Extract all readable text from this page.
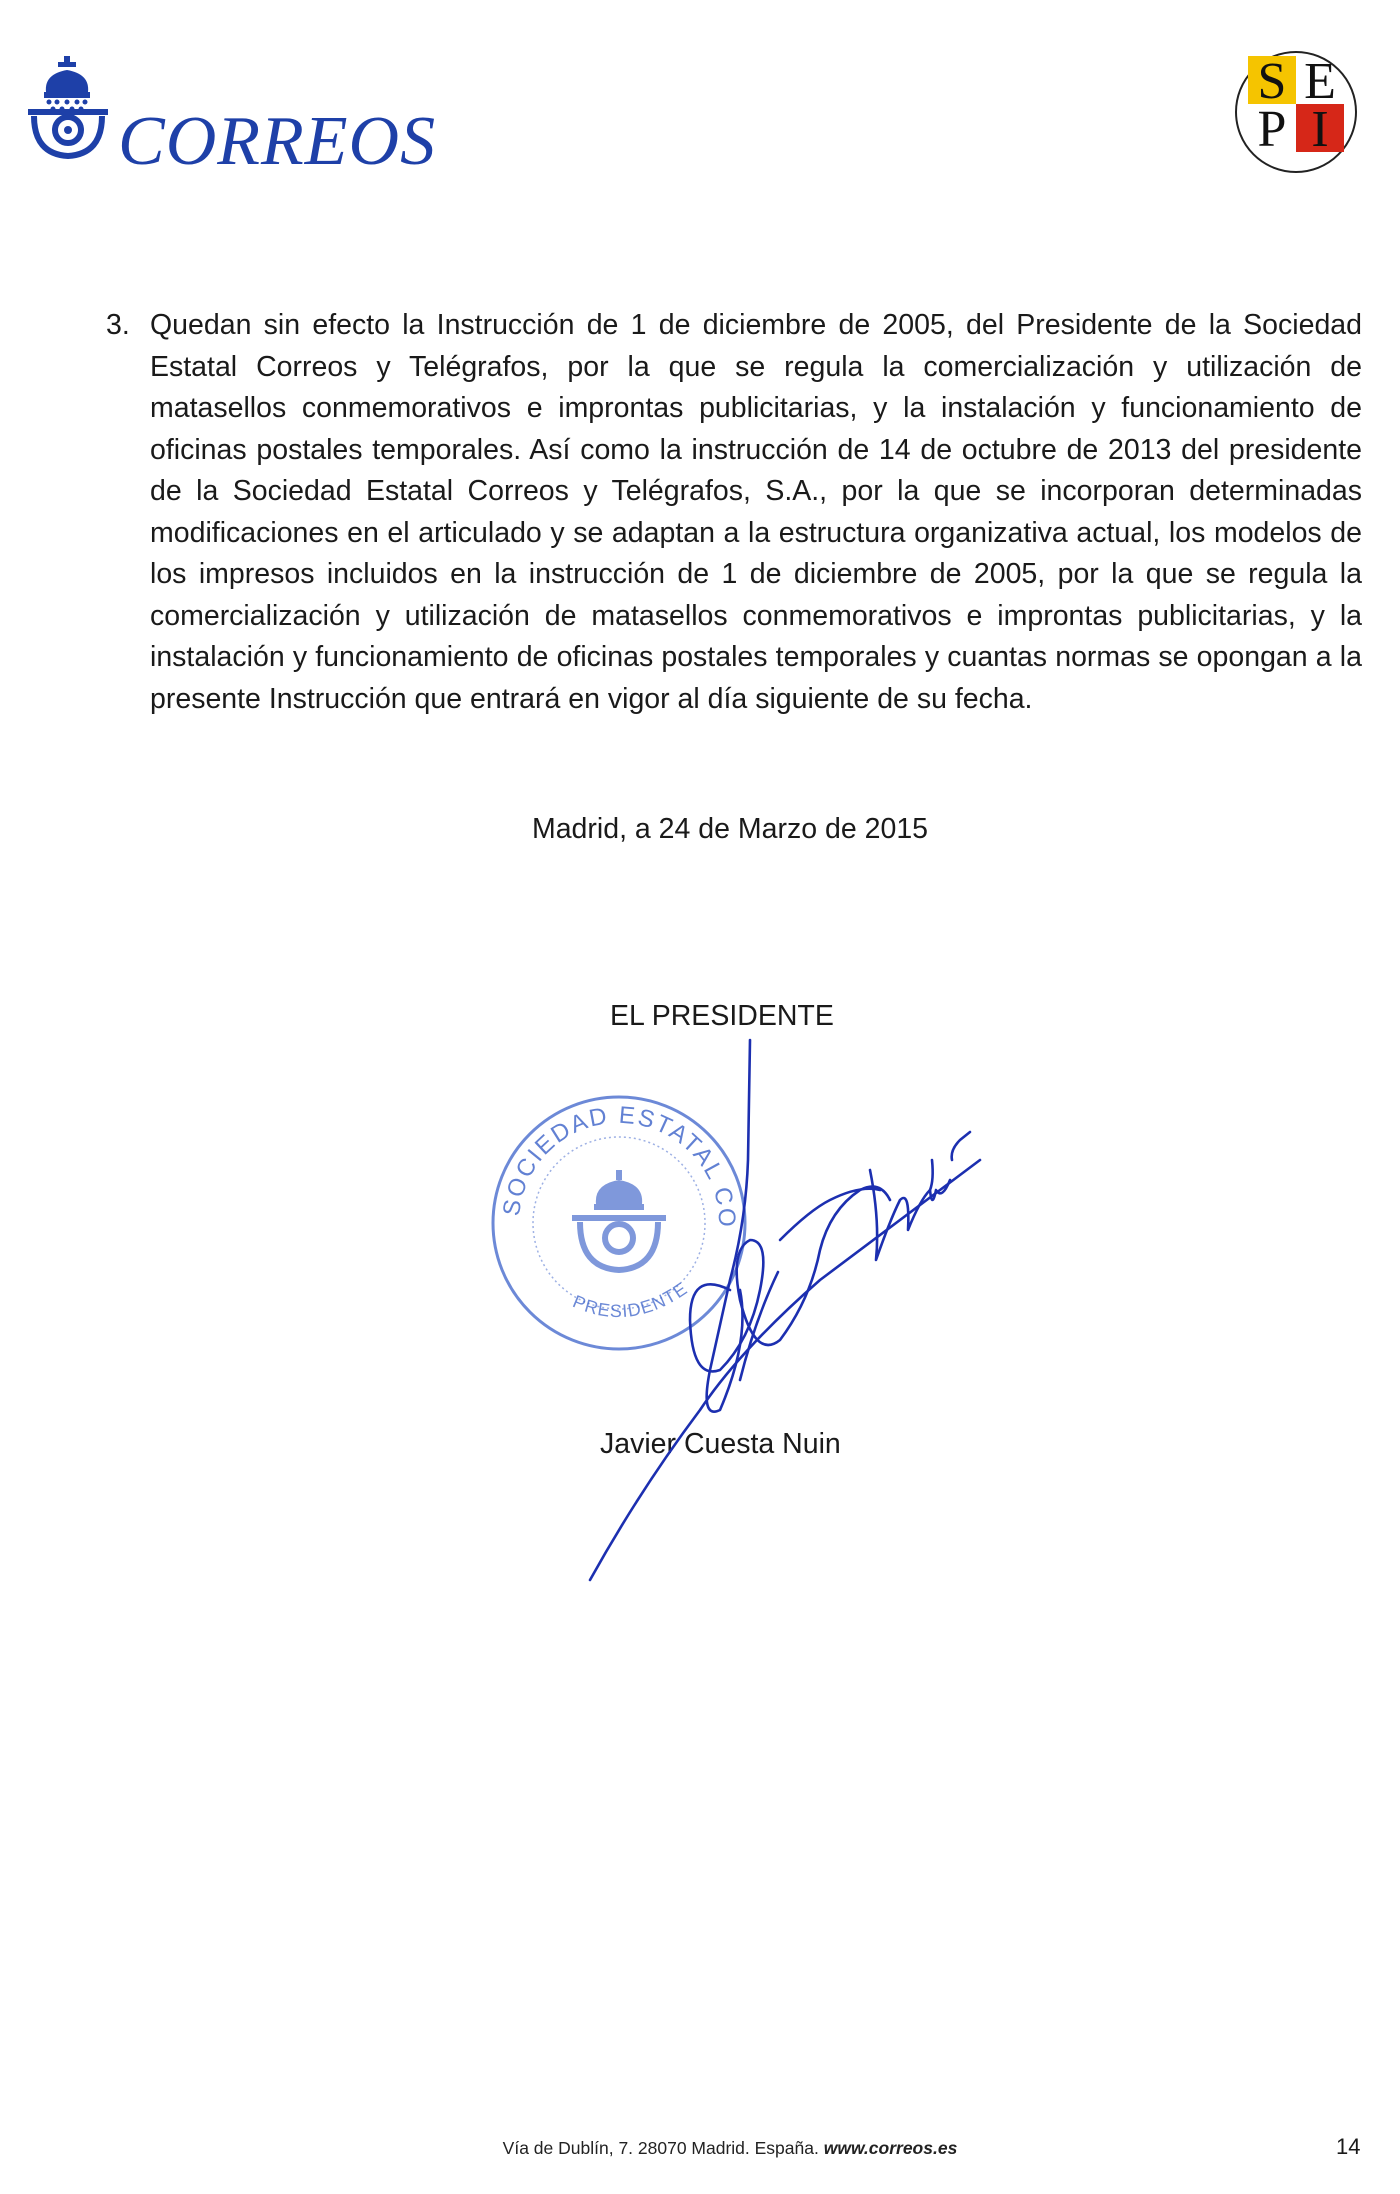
CORREOS
S E
P I
3. Quedan sin efecto la Instrucción de 1 de diciembre de 2005, del Presidente de la Sociedad Estatal Correos y Telégrafos, por la que se regula la comercialización y utilización de matasellos conmemorativos e improntas publicitarias, y la instalación y funcionamiento de oficinas postales temporales. Así como la instrucción de 14 de octubre de 2013 del presidente de la Sociedad Estatal Correos y Telégrafos, S.A., por la que se incorporan determinadas modificaciones en el articulado y se adaptan a la estructura organizativa actual, los modelos de los impresos incluidos en la instrucción de 1 de diciembre de 2005, por la que se regula la comercialización y utilización de matasellos conmemorativos e improntas publicitarias, y la instalación y funcionamiento de oficinas postales temporales y cuantas normas se opongan a la presente Instrucción que entrará en vigor al día siguiente de su fecha.
Madrid, a 24 de Marzo de 2015
EL PRESIDENTE
SOCIEDAD ESTATAL CORREOS Y TELEGRAFOS
PRESIDENTE
Javier Cuesta Nuin
Vía de Dublín, 7. 28070 Madrid. España. www.correos.es	14
